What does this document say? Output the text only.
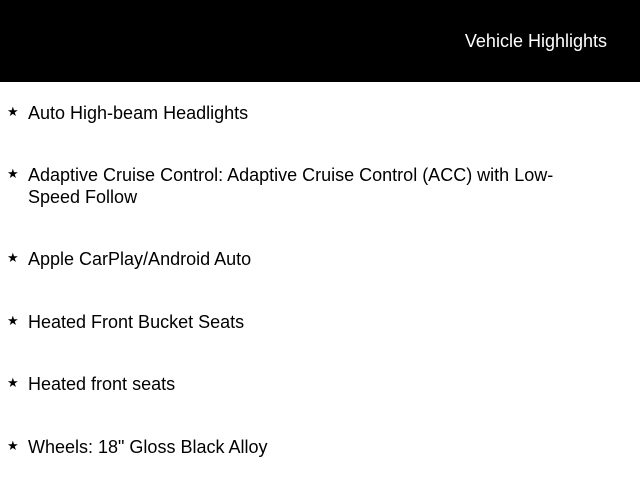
Vehicle Highlights
★ Auto High-beam Headlights
★ Adaptive Cruise Control: Adaptive Cruise Control (ACC) with Low-Speed Follow
★ Apple CarPlay/Android Auto
★ Heated Front Bucket Seats
★ Heated front seats
★ Wheels: 18" Gloss Black Alloy
